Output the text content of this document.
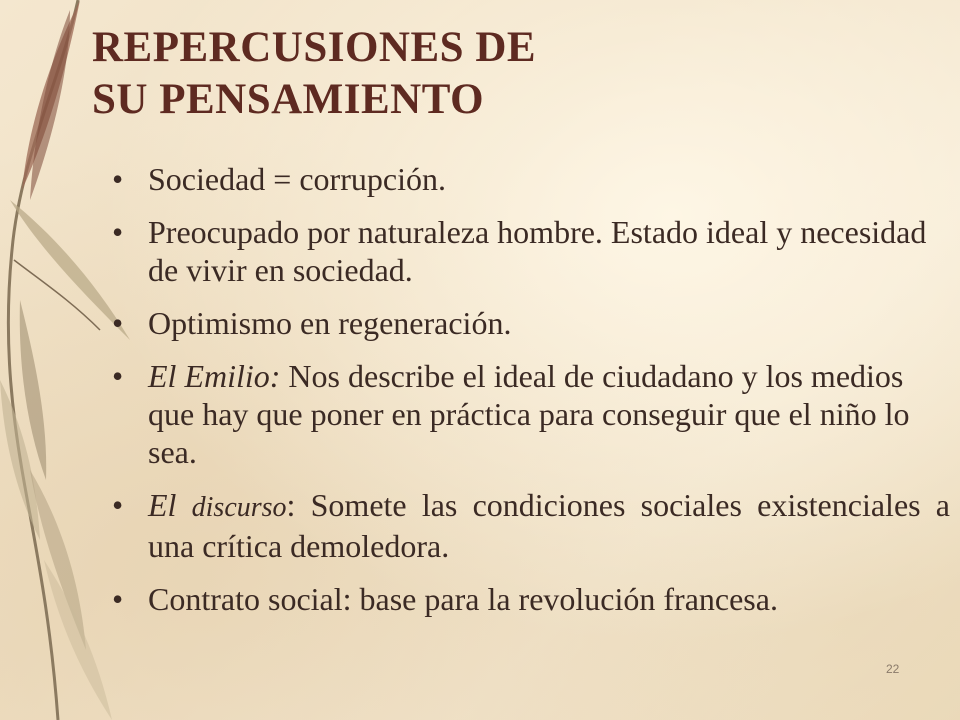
REPERCUSIONES DE
SU PENSAMIENTO
• Sociedad = corrupción.
• Preocupado por naturaleza hombre. Estado ideal y necesidad de vivir en sociedad.
• Optimismo en regeneración.
• El Emilio: Nos describe el ideal de ciudadano y los medios que hay que poner en práctica para conseguir que el niño lo sea.
• El discurso: Somete las condiciones sociales existenciales a una crítica demoledora.
• Contrato social: base para la revolución francesa.
22
